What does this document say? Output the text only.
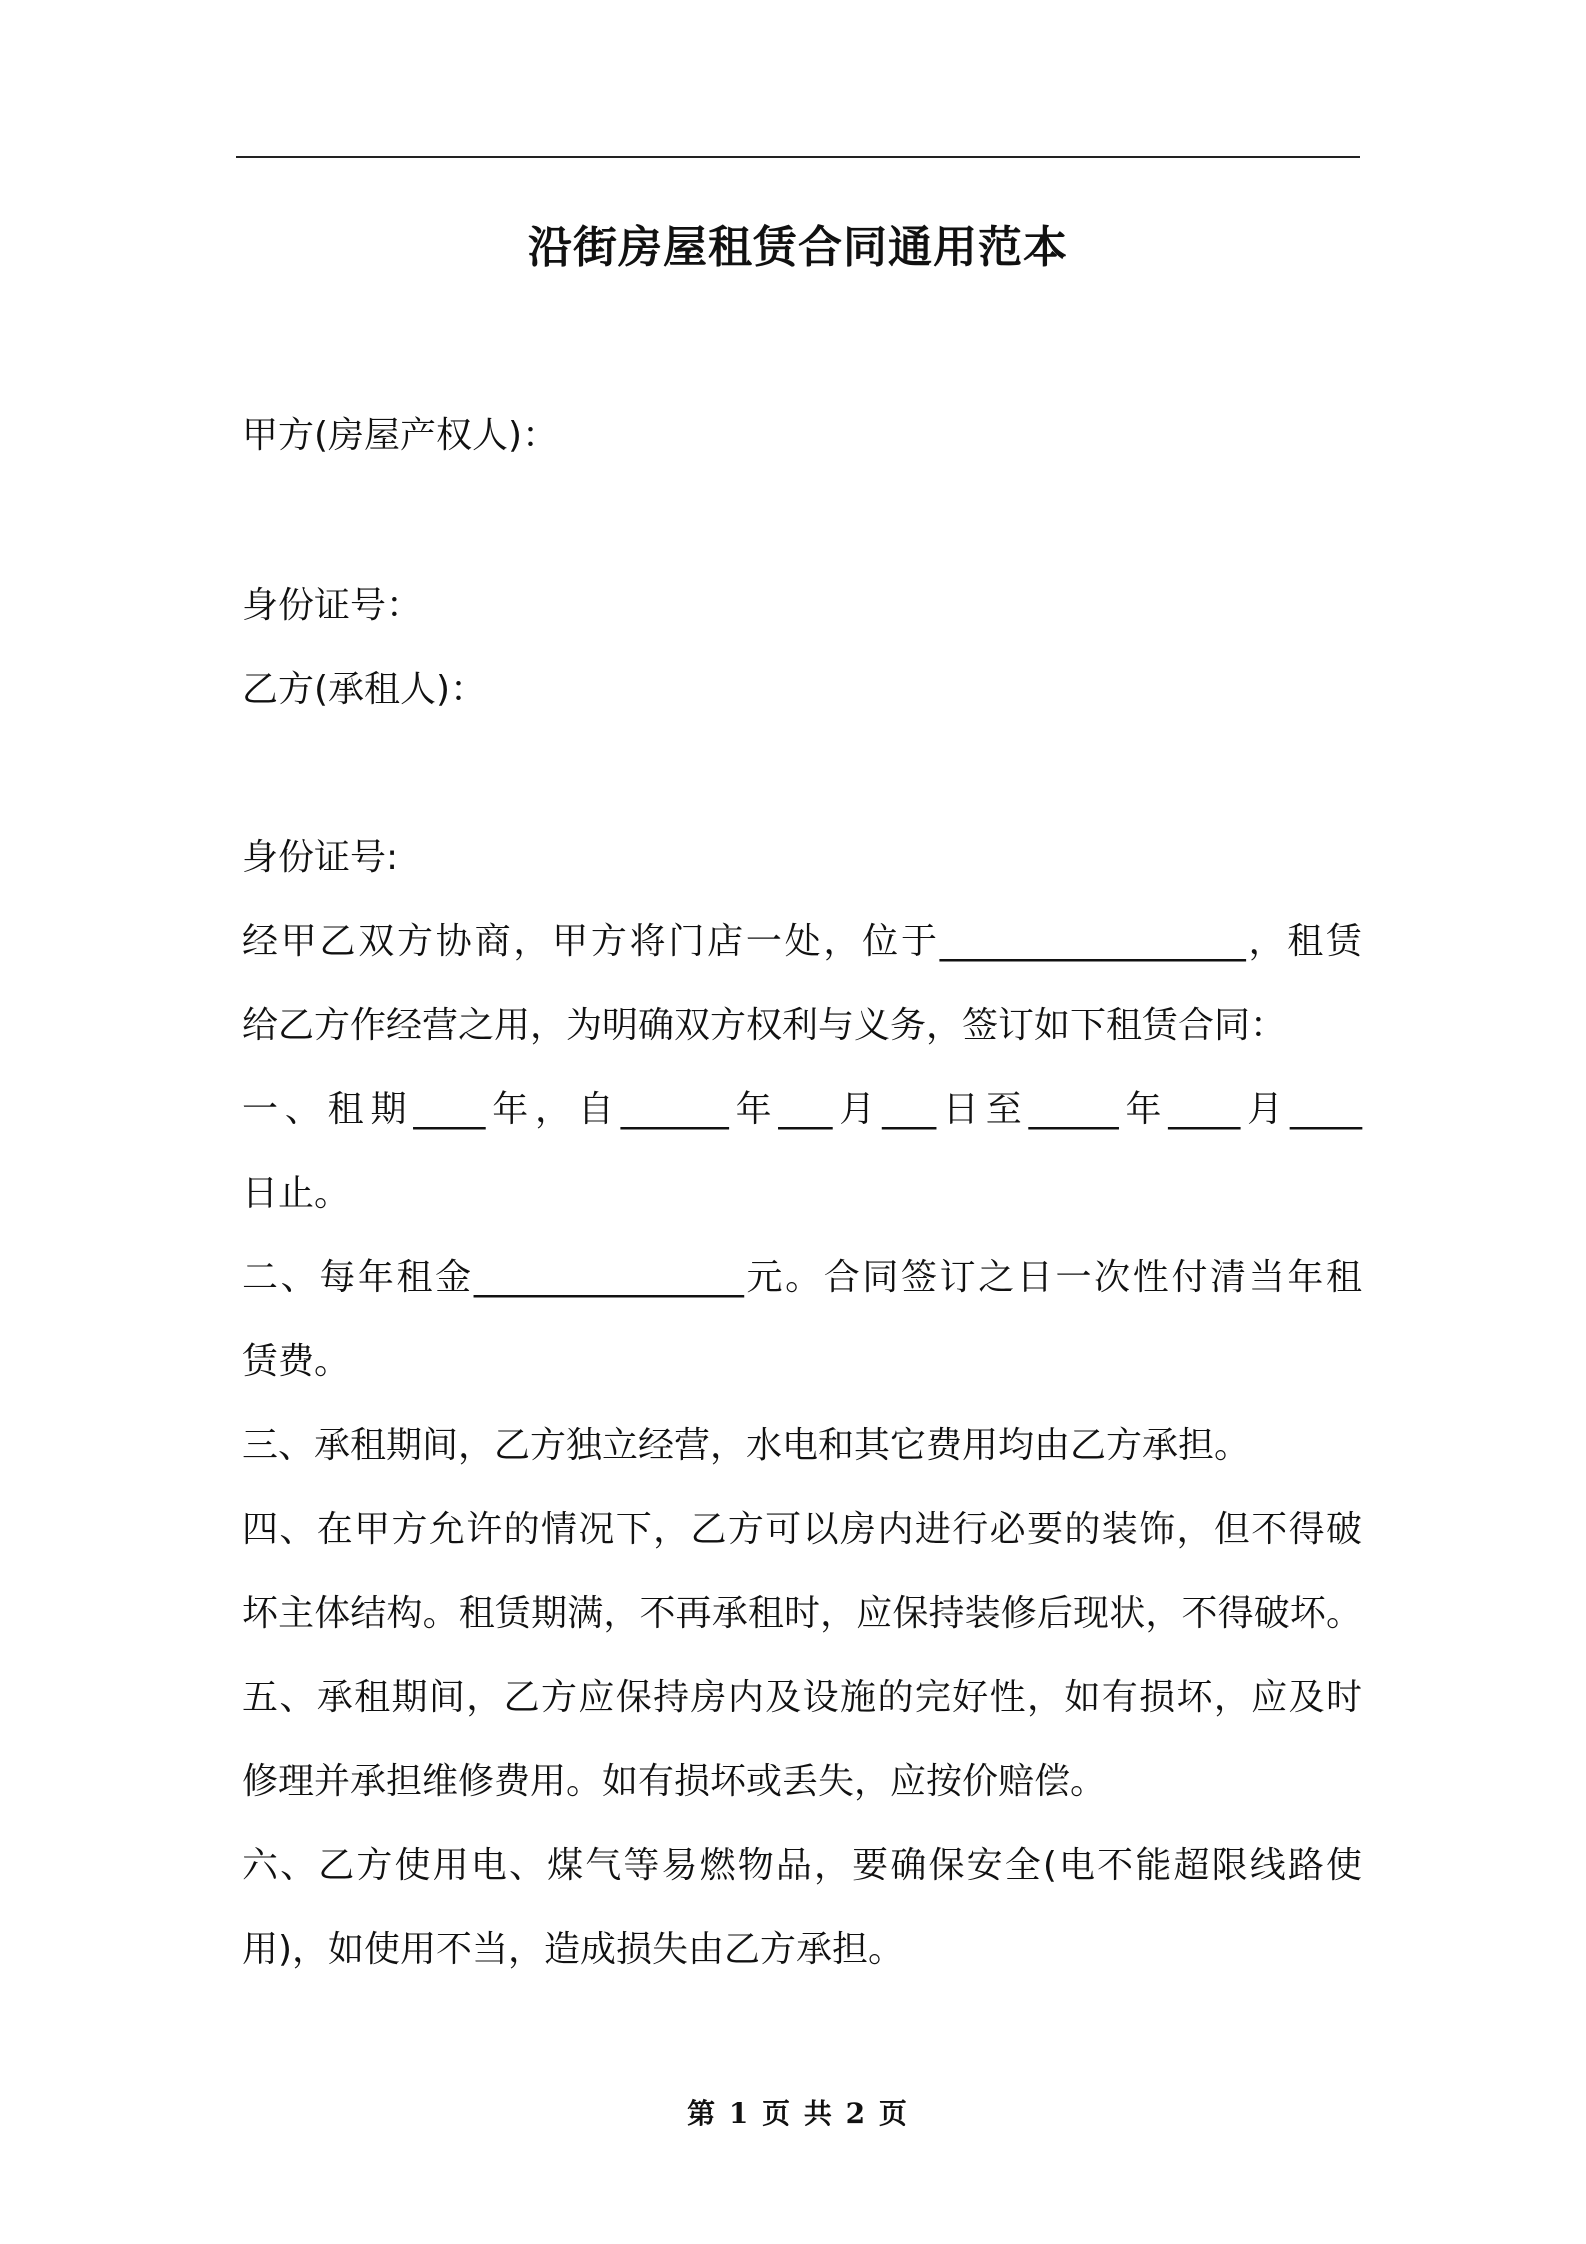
沿街房屋租赁合同通用范本
甲方(房屋产权人)：
身份证号：
乙方(承租人)：
身份证号:
经甲乙双方协商，甲方将门店一处，位于_________________，租赁
给乙方作经营之用，为明确双方权利与义务，签订如下租赁合同：
一、租期____年，自______年___月___日至_____年____月____
日止。
二、每年租金_______________元。合同签订之日一次性付清当年租
赁费。
三、承租期间，乙方独立经营，水电和其它费用均由乙方承担。
四、在甲方允许的情况下，乙方可以房内进行必要的装饰，但不得破
坏主体结构。租赁期满，不再承租时，应保持装修后现状，不得破坏。
五、承租期间，乙方应保持房内及设施的完好性，如有损坏，应及时
修理并承担维修费用。如有损坏或丢失，应按价赔偿。
六、乙方使用电、煤气等易燃物品，要确保安全(电不能超限线路使
用)，如使用不当，造成损失由乙方承担。
第 1 页 共 2 页
